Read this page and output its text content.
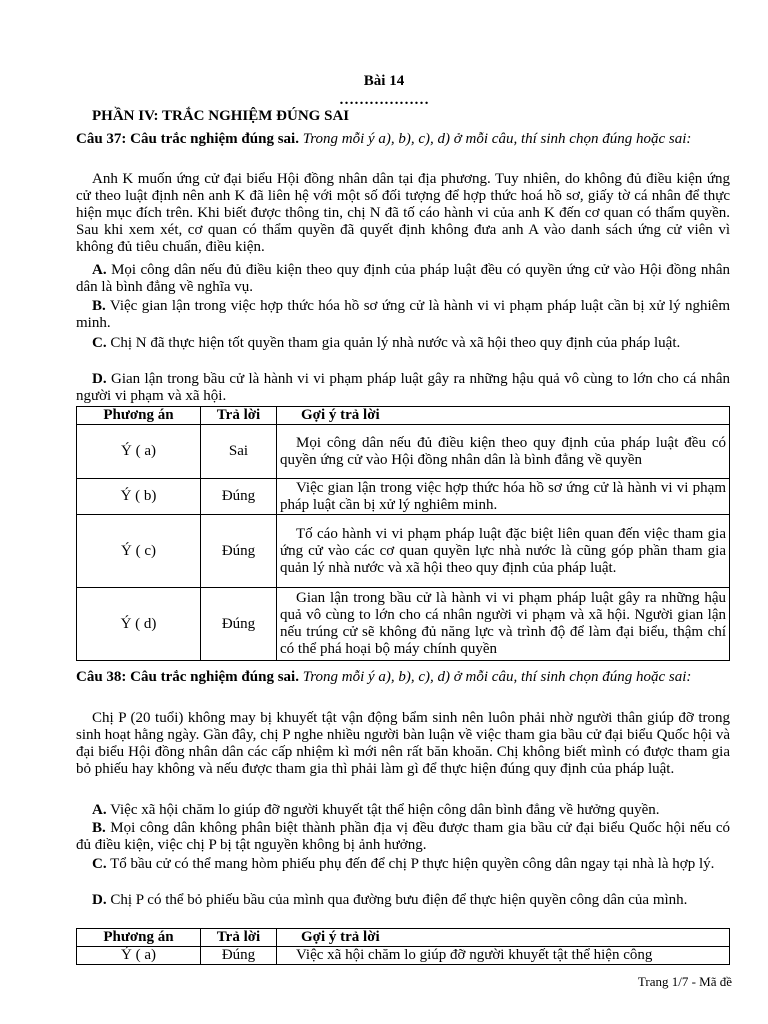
Bài 14
………………
PHẦN IV: TRẮC NGHIỆM ĐÚNG SAI
Câu 37: Câu trắc nghiệm đúng sai. Trong mỗi ý a), b), c), d) ở mỗi câu, thí sinh chọn đúng hoặc sai:
Anh K muốn ứng cử đại biểu Hội đồng nhân dân tại địa phương. Tuy nhiên, do không đủ điều kiện ứng cử theo luật định nên anh K đã liên hệ với một số đối tượng để hợp thức hoá hồ sơ, giấy tờ cá nhân để thực hiện mục đích trên. Khi biết được thông tin, chị N đã tố cáo hành vi của anh K đến cơ quan có thẩm quyền. Sau khi xem xét, cơ quan có thẩm quyền đã quyết định không đưa anh A vào danh sách ứng cử viên vì không đủ tiêu chuẩn, điều kiện.
A. Mọi công dân nếu đủ điều kiện theo quy định của pháp luật đều có quyền ứng cử vào Hội đồng nhân dân là bình đẳng về nghĩa vụ.
B. Việc gian lận trong việc hợp thức hóa hồ sơ ứng cử là hành vi vi phạm pháp luật cần bị xử lý nghiêm minh.
C. Chị N đã thực hiện tốt quyền tham gia quản lý nhà nước và xã hội theo quy định của pháp luật.
D. Gian lận trong bầu cử là hành vi vi phạm pháp luật gây ra những hậu quả vô cùng to lớn cho cá nhân người vi phạm và xã hội.
Phương án	Trả lời	Gợi ý trả lời
Ý ( a)	Sai	Mọi công dân nếu đủ điều kiện theo quy định của pháp luật đều có quyền ứng cử vào Hội đồng nhân dân là bình đẳng về quyền
Ý ( b)	Đúng	Việc gian lận trong việc hợp thức hóa hồ sơ ứng cử là hành vi vi phạm pháp luật cần bị xử lý nghiêm minh.
Ý ( c)	Đúng	Tố cáo hành vi vi phạm pháp luật đặc biệt liên quan đến việc tham gia ứng cử vào các cơ quan quyền lực nhà nước là cũng góp phần tham gia quản lý nhà nước và xã hội theo quy định của pháp luật.
Ý ( d)	Đúng	Gian lận trong bầu cử là hành vi vi phạm pháp luật gây ra những hậu quả vô cùng to lớn cho cá nhân người vi phạm và xã hội. Người gian lận nếu trúng cử sẽ không đủ năng lực và trình độ để làm đại biểu, thậm chí có thể phá hoại bộ máy chính quyền
Câu 38: Câu trắc nghiệm đúng sai. Trong mỗi ý a), b), c), d) ở mỗi câu, thí sinh chọn đúng hoặc sai:
Chị P (20 tuổi) không may bị khuyết tật vận động bẩm sinh nên luôn phải nhờ người thân giúp đỡ trong sinh hoạt hằng ngày. Gần đây, chị P nghe nhiều người bàn luận về việc tham gia bầu cử đại biểu Quốc hội và đại biểu Hội đồng nhân dân các cấp nhiệm kì mới nên rất băn khoăn. Chị không biết mình có được tham gia bỏ phiếu hay không và nếu được tham gia thì phải làm gì để thực hiện đúng quy định của pháp luật.
A. Việc xã hội chăm lo giúp đỡ người khuyết tật thể hiện công dân bình đẳng về hưởng quyền.
B. Mọi công dân không phân biệt thành phần địa vị đều được tham gia bầu cử đại biểu Quốc hội nếu có đủ điều kiện, việc chị P bị tật nguyền không bị ảnh hưởng.
C. Tổ bầu cử có thể mang hòm phiếu phụ đến để chị P thực hiện quyền công dân ngay tại nhà là hợp lý.
D. Chị P có thể bỏ phiếu bầu của mình qua đường bưu điện để thực hiện quyền công dân của mình.
Phương án	Trả lời	Gợi ý trả lời
Ý ( a)	Đúng	Việc xã hội chăm lo giúp đỡ người khuyết tật thể hiện công
Trang 1/7 - Mã đề
